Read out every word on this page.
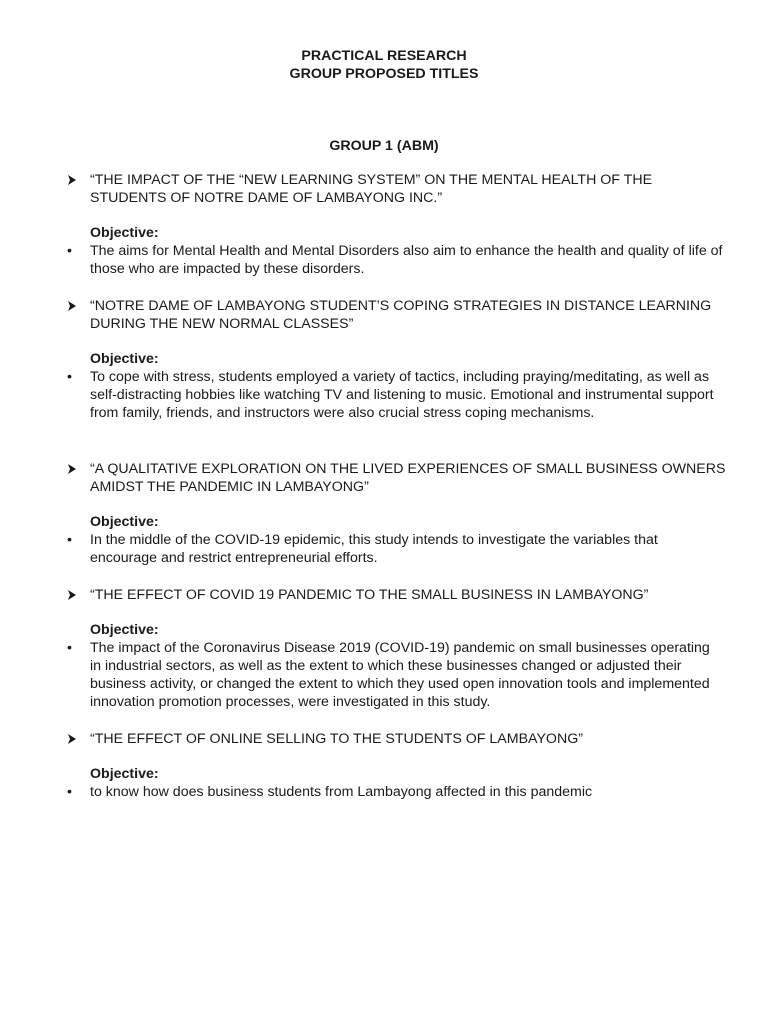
PRACTICAL RESEARCH
GROUP PROPOSED TITLES
GROUP 1 (ABM)
“THE IMPACT OF THE “NEW LEARNING SYSTEM” ON THE MENTAL HEALTH OF THE STUDENTS OF NOTRE DAME OF LAMBAYONG INC.”
Objective:
• The aims for Mental Health and Mental Disorders also aim to enhance the health and quality of life of those who are impacted by these disorders.
“NOTRE DAME OF LAMBAYONG STUDENT’S COPING STRATEGIES IN DISTANCE LEARNING DURING THE NEW NORMAL CLASSES”
Objective:
• To cope with stress, students employed a variety of tactics, including praying/meditating, as well as self-distracting hobbies like watching TV and listening to music. Emotional and instrumental support from family, friends, and instructors were also crucial stress coping mechanisms.
“A QUALITATIVE EXPLORATION ON THE LIVED EXPERIENCES OF SMALL BUSINESS OWNERS AMIDST THE PANDEMIC IN LAMBAYONG”
Objective:
• In the middle of the COVID-19 epidemic, this study intends to investigate the variables that encourage and restrict entrepreneurial efforts.
“THE EFFECT OF COVID 19 PANDEMIC TO THE SMALL BUSINESS IN LAMBAYONG”
Objective:
• The impact of the Coronavirus Disease 2019 (COVID-19) pandemic on small businesses operating in industrial sectors, as well as the extent to which these businesses changed or adjusted their business activity, or changed the extent to which they used open innovation tools and implemented innovation promotion processes, were investigated in this study.
“THE EFFECT OF ONLINE SELLING TO THE STUDENTS OF LAMBAYONG”
Objective:
• to know how does business students from Lambayong affected in this pandemic
